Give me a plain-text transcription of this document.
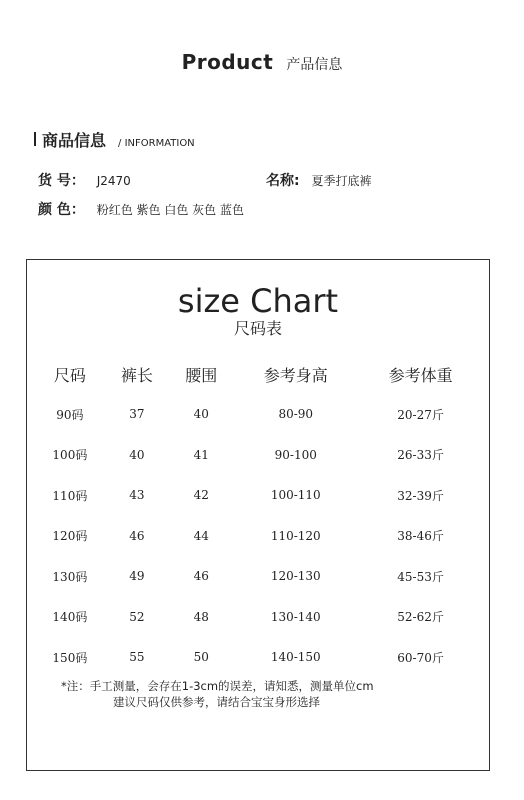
Product 产品信息
商品信息 / INFORMATION
货 号： J2470	名称: 夏季打底裤
颜 色： 粉红色 紫色 白色 灰色 蓝色
size Chart
尺码表
尺码	裤长	腰围	参考身高	参考体重
90码	37	40	80-90	20-27斤
100码	40	41	90-100	26-33斤
110码	43	42	100-110	32-39斤
120码	46	44	110-120	38-46斤
130码	49	46	120-130	45-53斤
140码	52	48	130-140	52-62斤
150码	55	50	140-150	60-70斤
*注：手工测量，会存在1-3cm的误差，请知悉，测量单位cm
建议尺码仅供参考，请结合宝宝身形选择
